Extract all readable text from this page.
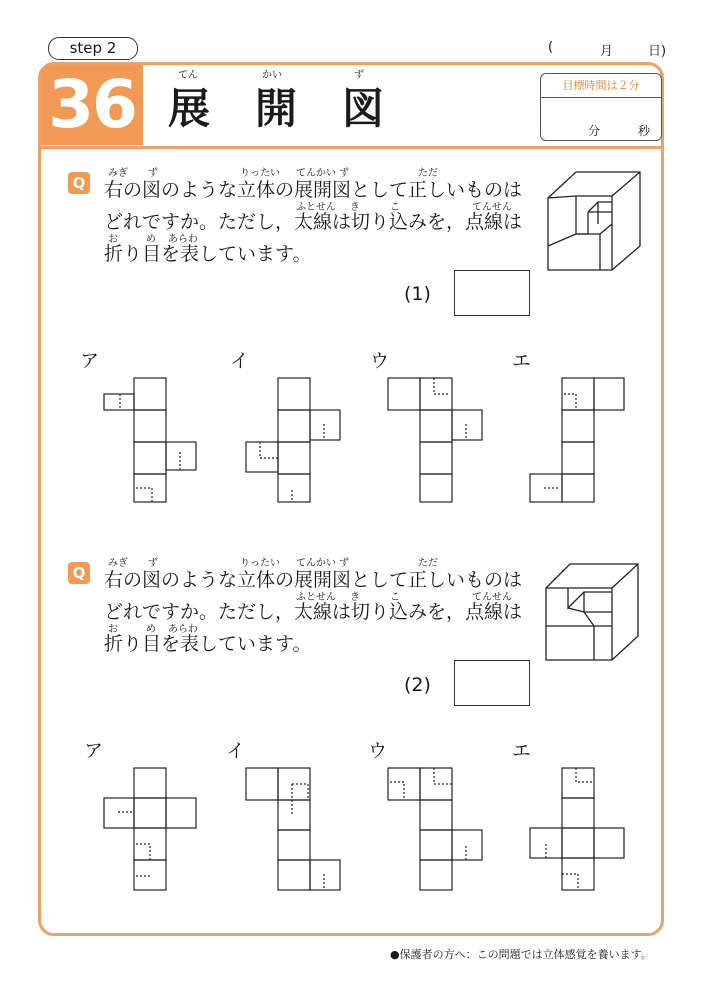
step 2	(	月	日)
36	てん	かい	ず
展 開 図	目標時間は２分
分	秒
Q
みぎ ず	りったい てんかい ず	ただ
右の図のような立体の展開図として正しいものは
ふとせん き	こ	てんせん
どれですか。ただし，太線は切り込みを，点線は
お	め あらわ
折り目を表しています。
(1)
ア	イ	ウ	エ
Q
みぎ ず	りったい てんかい ず	ただ
右の図のような立体の展開図として正しいものは
ふとせん き	こ	てんせん
どれですか。ただし，太線は切り込みを，点線は
お	め あらわ
折り目を表しています。
(2)
ア	イ	ウ	エ
●保護者の方へ：この問題では立体感覚を養います。
